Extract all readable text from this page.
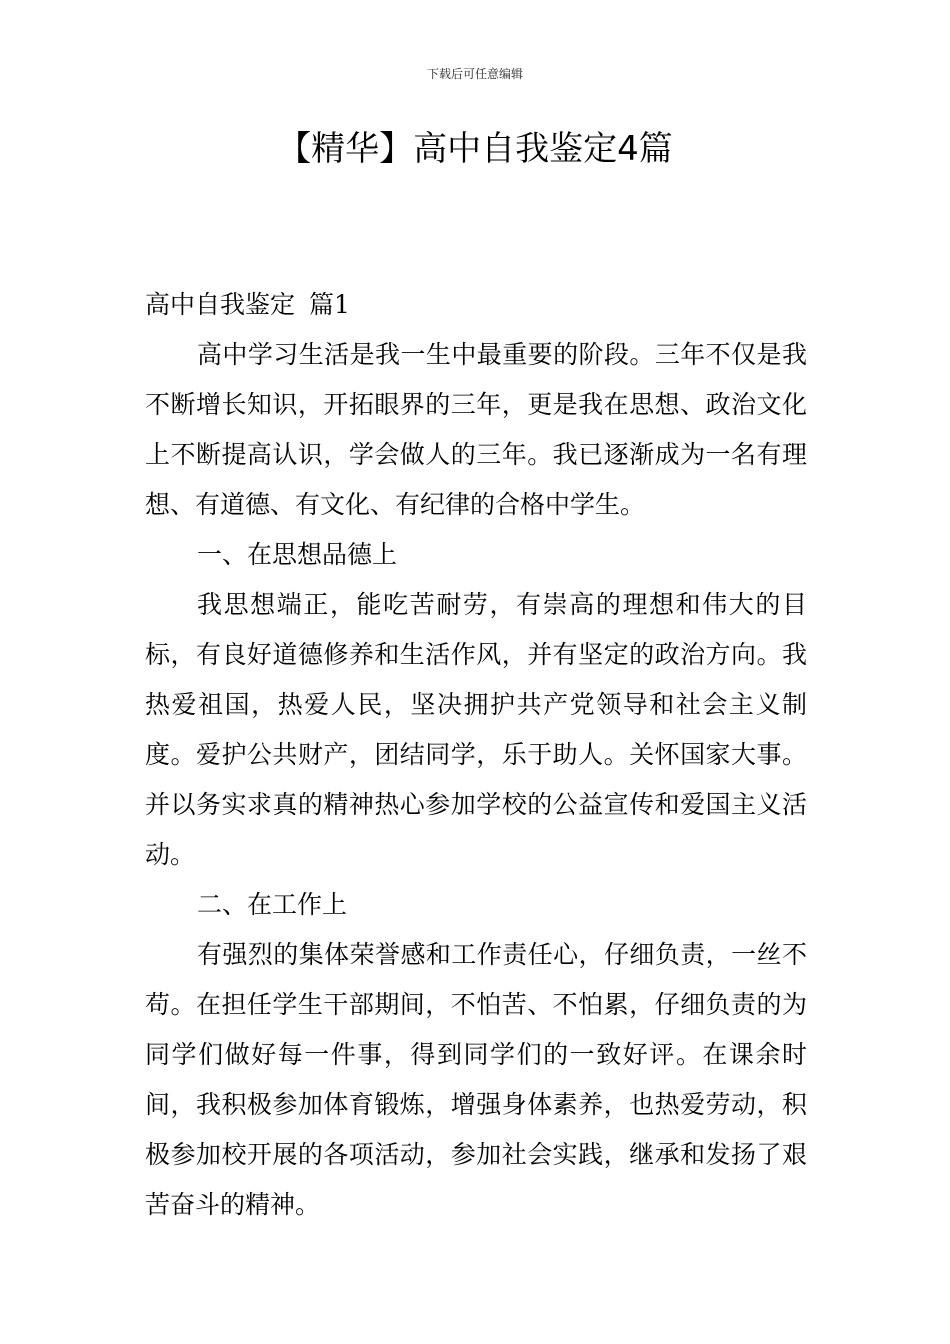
下载后可任意编辑
【精华】高中自我鉴定4篇

高中自我鉴定 篇1

高中学习生活是我一生中最重要的阶段。三年不仅是我不断增长知识，开拓眼界的三年，更是我在思想、政治文化上不断提高认识，学会做人的三年。我已逐渐成为一名有理想、有道德、有文化、有纪律的合格中学生。

一、在思想品德上

我思想端正，能吃苦耐劳，有崇高的理想和伟大的目标，有良好道德修养和生活作风，并有坚定的政治方向。我热爱祖国，热爱人民，坚决拥护共产党领导和社会主义制度。爱护公共财产，团结同学，乐于助人。关怀国家大事。并以务实求真的精神热心参加学校的公益宣传和爱国主义活动。

二、在工作上

有强烈的集体荣誉感和工作责任心，仔细负责，一丝不苟。在担任学生干部期间，不怕苦、不怕累，仔细负责的为同学们做好每一件事，得到同学们的一致好评。在课余时间，我积极参加体育锻炼，增强身体素养，也热爱劳动，积极参加校开展的各项活动，参加社会实践，继承和发扬了艰苦奋斗的精神。
